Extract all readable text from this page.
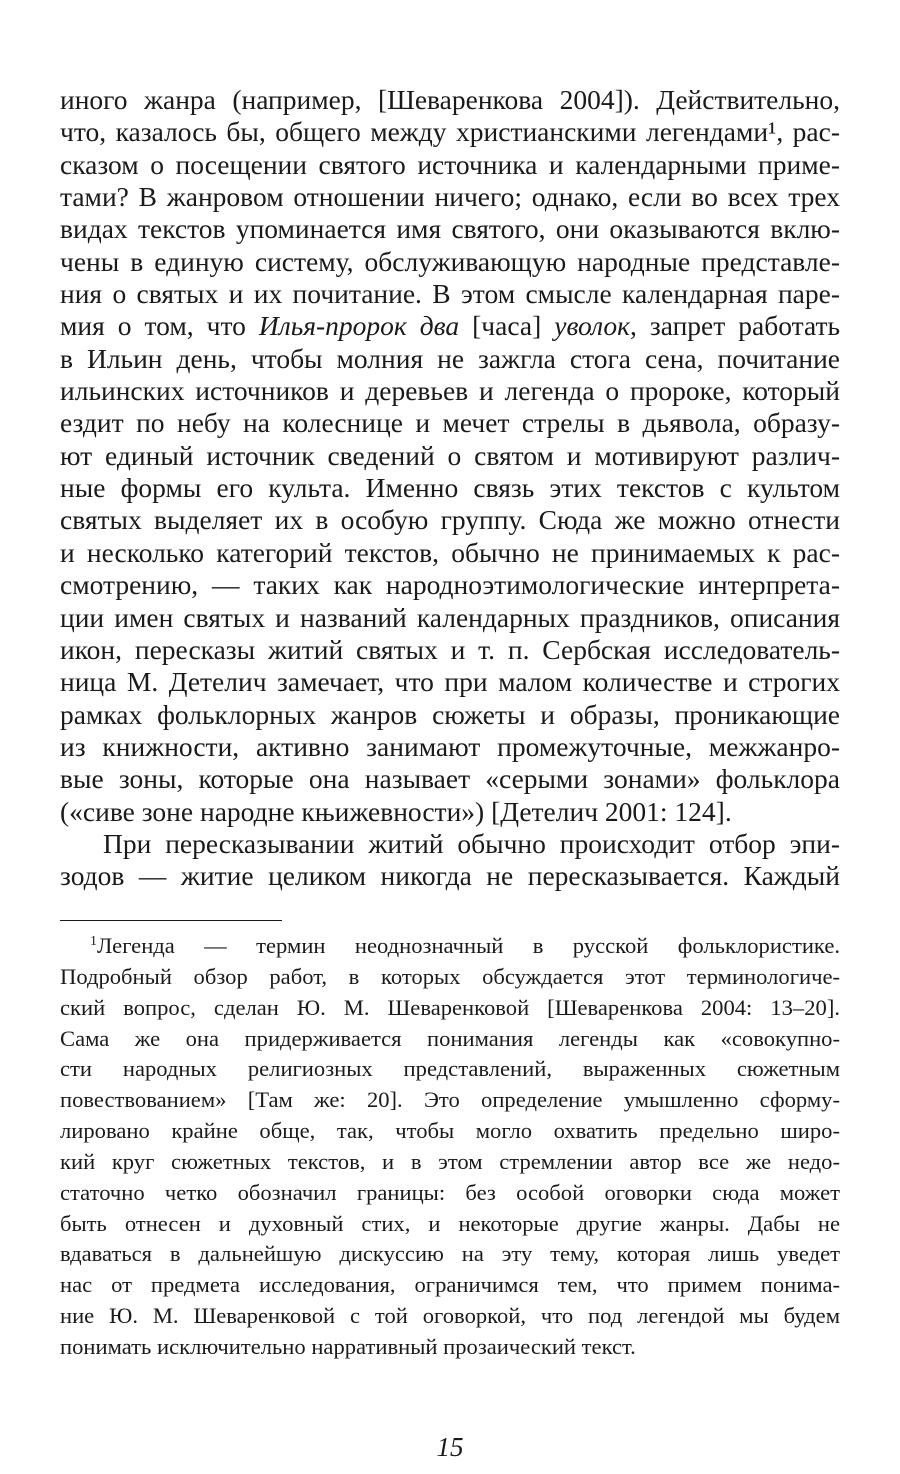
иного жанра (например, [Шеваренкова 2004]). Действительно,
что, казалось бы, общего между христианскими легендами¹, рас-
сказом о посещении святого источника и календарными приме-
тами? В жанровом отношении ничего; однако, если во всех трех
видах текстов упоминается имя святого, они оказываются вклю-
чены в единую систему, обслуживающую народные представле-
ния о святых и их почитание. В этом смысле календарная паре-
мия о том, что Илья-пророк два [часа] уволок, запрет работать
в Ильин день, чтобы молния не зажгла стога сена, почитание
ильинских источников и деревьев и легенда о пророке, который
ездит по небу на колеснице и мечет стрелы в дьявола, образу-
ют единый источник сведений о святом и мотивируют различ-
ные формы его культа. Именно связь этих текстов с культом
святых выделяет их в особую группу. Сюда же можно отнести
и несколько категорий текстов, обычно не принимаемых к рас-
смотрению, — таких как народноэтимологические интерпрета-
ции имен святых и названий календарных праздников, описания
икон, пересказы житий святых и т. п. Сербская исследователь-
ница М. Детелич замечает, что при малом количестве и строгих
рамках фольклорных жанров сюжеты и образы, проникающие
из книжности, активно занимают промежуточные, межжанро-
вые зоны, которые она называет «серыми зонами» фольклора
(«сиве зоне народне књижевности») [Детелич 2001: 124].
При пересказывании житий обычно происходит отбор эпи-
зодов — житие целиком никогда не пересказывается. Каждый
$^1$Легенда — термин неоднозначный в русской фольклористике.
Подробный обзор работ, в которых обсуждается этот терминологиче-
ский вопрос, сделан Ю. М. Шеваренковой [Шеваренкова 2004: 13–20].
Сама же она придерживается понимания легенды как «совокупно-
сти народных религиозных представлений, выраженных сюжетным
повествованием» [Там же: 20]. Это определение умышленно сформу-
лировано крайне обще, так, чтобы могло охватить предельно широ-
кий круг сюжетных текстов, и в этом стремлении автор все же недо-
статочно четко обозначил границы: без особой оговорки сюда может
быть отнесен и духовный стих, и некоторые другие жанры. Дабы не
вдаваться в дальнейшую дискуссию на эту тему, которая лишь уведет
нас от предмета исследования, ограничимся тем, что примем понима-
ние Ю. М. Шеваренковой с той оговоркой, что под легендой мы будем
понимать исключительно нарративный прозаический текст.
15
